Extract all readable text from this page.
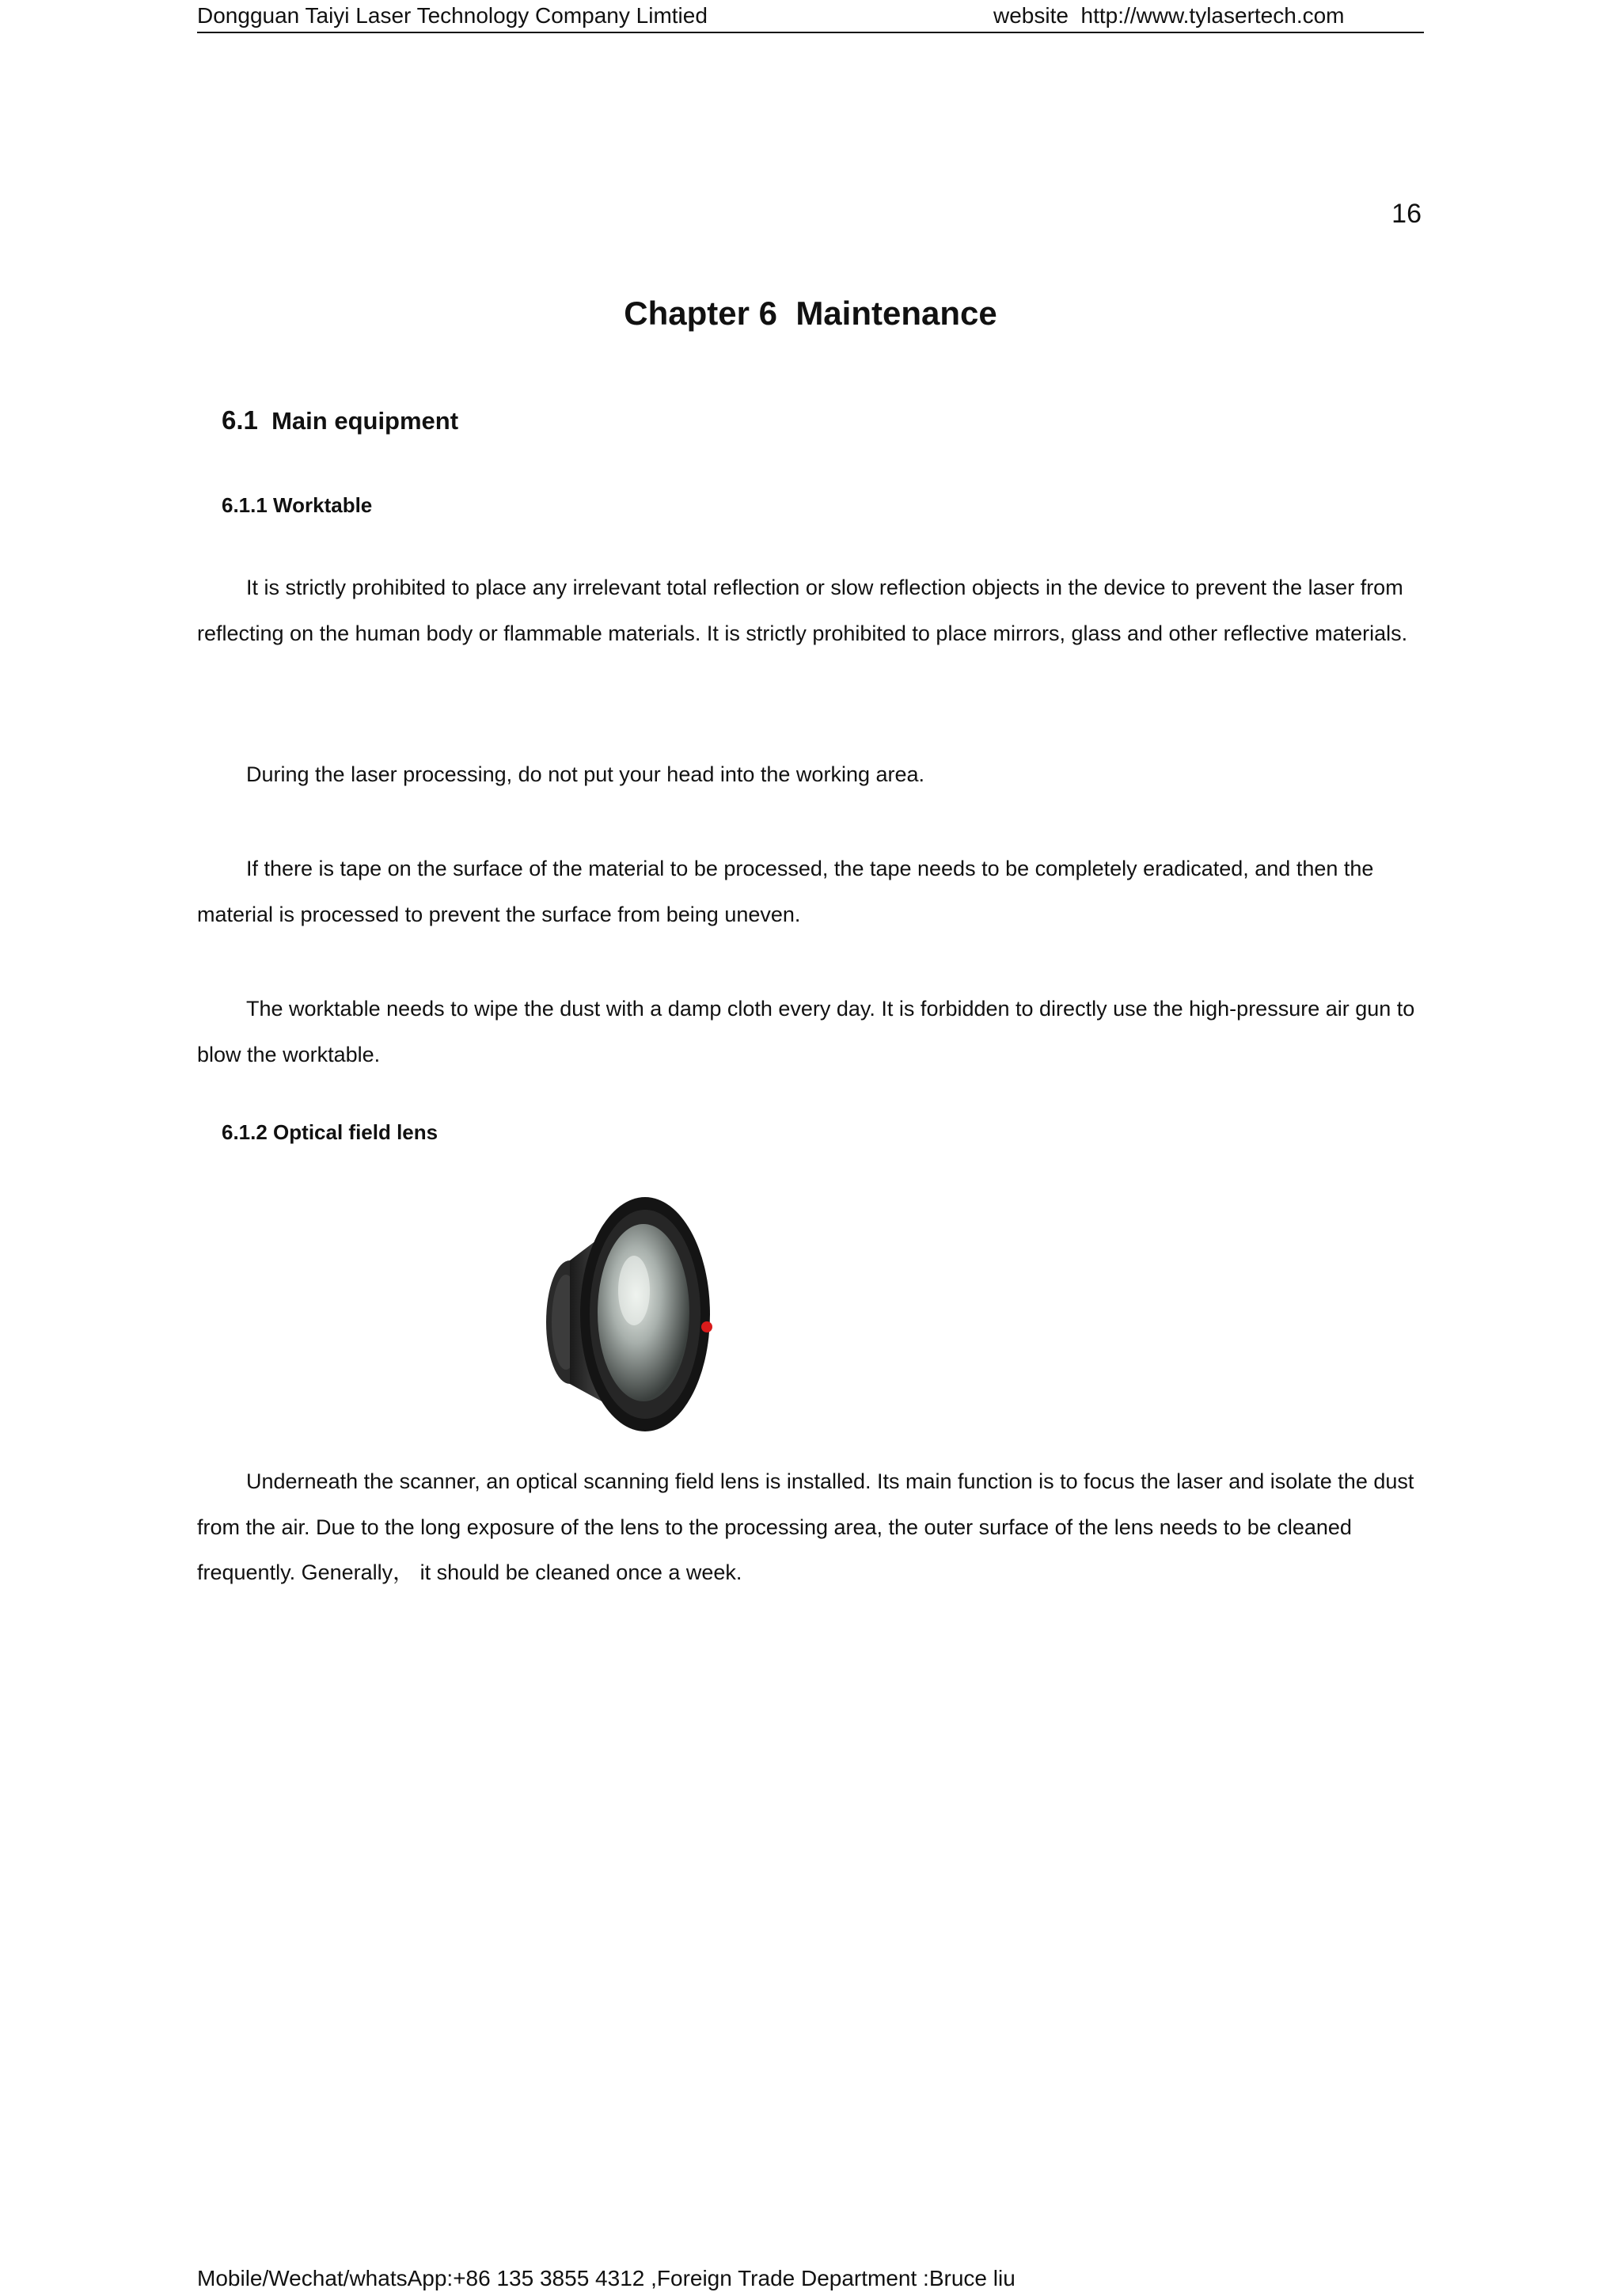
Dongguan Taiyi Laser Technology Company Limtied	website  http://www.tylasertech.com
16
Chapter 6  Maintenance
6.1 Main equipment
6.1.1 Worktable

It is strictly prohibited to place any irrelevant total reflection or slow reflection objects in the device to prevent the laser from reflecting on the human body or flammable materials. It is strictly prohibited to place mirrors, glass and other reflective materials.

During the laser processing, do not put your head into the working area.

If there is tape on the surface of the material to be processed, the tape needs to be completely eradicated, and then the material is processed to prevent the surface from being uneven.

The worktable needs to wipe the dust with a damp cloth every day. It is forbidden to directly use the high-pressure air gun to blow the worktable.

6.1.2 Optical field lens

Underneath the scanner, an optical scanning field lens is installed. Its main function is to focus the laser and isolate the dust from the air. Due to the long exposure of the lens to the processing area, the outer surface of the lens needs to be cleaned frequently. Generally， it should be cleaned once a week.

Mobile/Wechat/whatsApp:+86 135 3855 4312 ,Foreign Trade Department :Bruce liu
